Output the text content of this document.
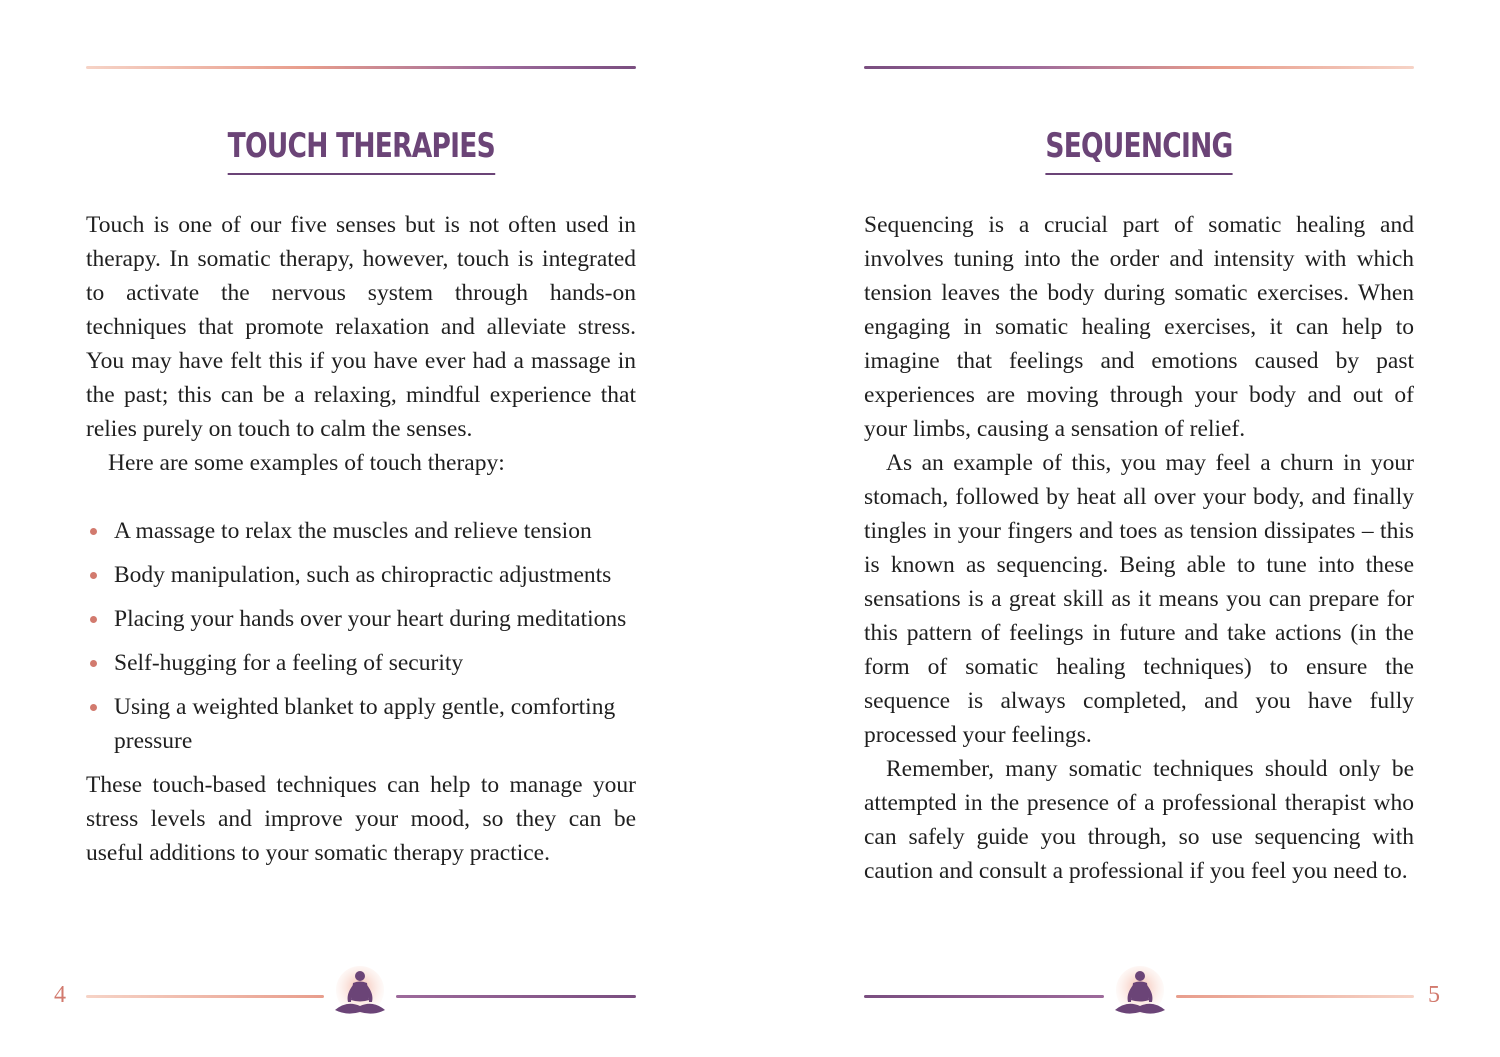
TOUCH THERAPIES

Touch is one of our five senses but is not often used in therapy. In somatic therapy, however, touch is integrated to activate the nervous system through hands-on techniques that promote relaxation and alleviate stress. You may have felt this if you have ever had a massage in the past; this can be a relaxing, mindful experience that relies purely on touch to calm the senses.

Here are some examples of touch therapy:

A massage to relax the muscles and relieve tension
Body manipulation, such as chiropractic adjustments
Placing your hands over your heart during meditations
Self-hugging for a feeling of security
Using a weighted blanket to apply gentle, comforting pressure

These touch-based techniques can help to manage your stress levels and improve your mood, so they can be useful additions to your somatic therapy practice.

4
SEQUENCING

Sequencing is a crucial part of somatic healing and involves tuning into the order and intensity with which tension leaves the body during somatic exercises. When engaging in somatic healing exercises, it can help to imagine that feelings and emotions caused by past experiences are moving through your body and out of your limbs, causing a sensation of relief.

As an example of this, you may feel a churn in your stomach, followed by heat all over your body, and finally tingles in your fingers and toes as tension dissipates – this is known as sequencing. Being able to tune into these sensations is a great skill as it means you can prepare for this pattern of feelings in future and take actions (in the form of somatic healing techniques) to ensure the sequence is always completed, and you have fully processed your feelings.

Remember, many somatic techniques should only be attempted in the presence of a professional therapist who can safely guide you through, so use sequencing with caution and consult a professional if you feel you need to.

5
